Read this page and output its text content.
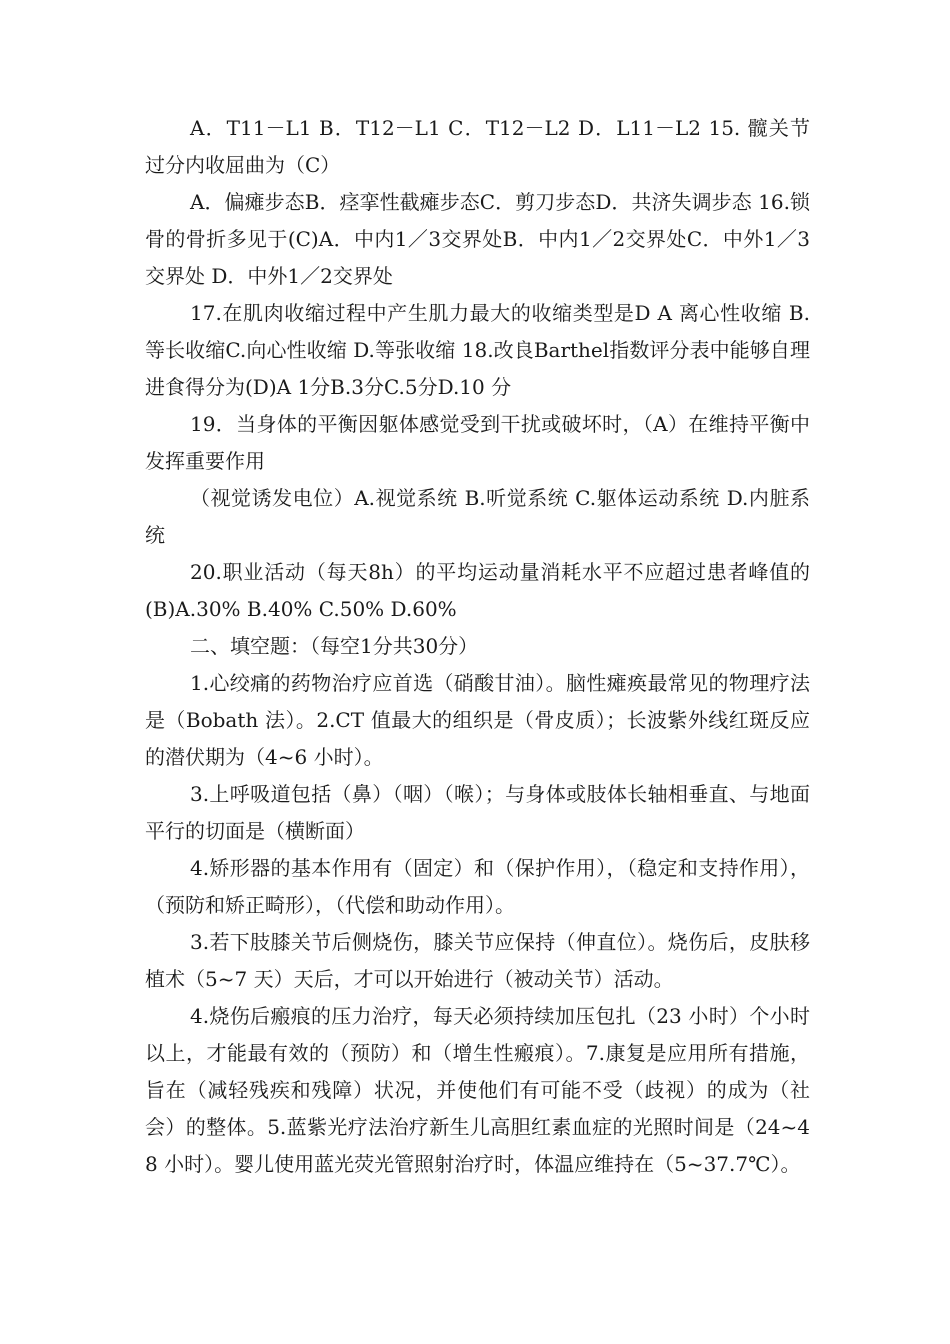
A．T11－L1 B．T12－L1 C．T12－L2 D．L11－L2 15. 髋关节过分内收屈曲为（C）

A．偏瘫步态B．痉挛性截瘫步态C．剪刀步态D．共济失调步态 16.锁骨的骨折多见于(C)A．中内1／3交界处B．中内1／2交界处C．中外1／3交界处 D．中外1／2交界处

17.在肌肉收缩过程中产生肌力最大的收缩类型是D A 离心性收缩 B.等长收缩C.向心性收缩 D.等张收缩 18.改良Barthel指数评分表中能够自理进食得分为(D)A 1分B.3分C.5分D.10 分

19．当身体的平衡因躯体感觉受到干扰或破坏时，（A）在维持平衡中发挥重要作用

（视觉诱发电位）A.视觉系统 B.听觉系统 C.躯体运动系统 D.内脏系统

20.职业活动（每天8h）的平均运动量消耗水平不应超过患者峰值的(B)A.30% B.40% C.50% D.60%

二、填空题：（每空1分共30分）

1.心绞痛的药物治疗应首选（硝酸甘油）。脑性瘫痪最常见的物理疗法是（Bobath 法）。2.CT 值最大的组织是（骨皮质）；长波紫外线红斑反应的潜伏期为（4~6 小时）。

3.上呼吸道包括（鼻）（咽）（喉）；与身体或肢体长轴相垂直、与地面平行的切面是（横断面）

4.矫形器的基本作用有（固定）和（保护作用），（稳定和支持作用），（预防和矫正畸形），（代偿和助动作用）。

3.若下肢膝关节后侧烧伤，膝关节应保持（伸直位）。烧伤后，皮肤移植术（5~7 天）天后，才可以开始进行（被动关节）活动。

4.烧伤后瘢痕的压力治疗，每天必须持续加压包扎（23 小时）个小时以上，才能最有效的（预防）和（增生性瘢痕）。7.康复是应用所有措施，旨在（减轻残疾和残障）状况，并使他们有可能不受（歧视）的成为（社会）的整体。5.蓝紫光疗法治疗新生儿高胆红素血症的光照时间是（24~48 小时）。婴儿使用蓝光荧光管照射治疗时，体温应维持在（5~37.7℃）。
